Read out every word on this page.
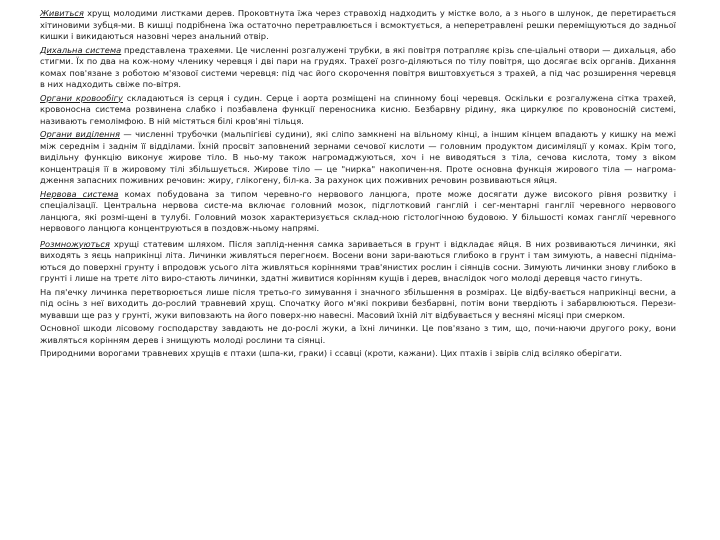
Живиться хрущ молодими листками дерев. Проковтнута їжа через стравохід надходить у містке воло, а з нього в шлунок, де перетирається хітиновими зубця-ми. В кишці подрібнена їжа остаточно перетравлюється і всмоктується, а неперетравлені решки переміщуються до задньої кишки і викидаються назовні через анальний отвір.

Дихальна система представлена трахеями. Це численні розгалужені трубки, в які повітря потрапляє крізь спе-ціальні отвори — дихальця, або стигми. Їх по два на кож-ному членику черевця і дві пари на грудях. Трахеї розго-діляються по тілу повітря, що досягає всіх органів. Дихання комах пов'язане з роботою м'язової системи черевця: під час його скорочення повітря виштовхується з трахей, а під час розширення черевця в них надходить свіже по-вітря.

Органи кровообігу складаються із серця і судин. Серце і аорта розміщені на спинному боці черевця. Оскільки є розгалужена сітка трахей, кровоносна система розвинена слабко і позбавлена функції переносника кисню. Безбарвну рідину, яка циркулює по кровоносній системі, називають гемолімфою. В ній містяться білі кров'яні тільця.

Органи виділення — численні трубочки (мальпігієві судини), які сліпо замкнені на вільному кінці, а іншим кінцем впадають у кишку на межі між середнім і заднім її відділами. Їхній просвіт заповнений зернами сечової кислоти — головним продуктом дисиміляції у комах. Крім того, видільну функцію виконує жирове тіло. В ньо-му також нагромаджуються, хоч і не виводяться з тіла, сечова кислота, тому з віком концентрація її в жировому тілі збільшується. Жирове тіло — це "нирка" накопичен-ня. Проте основна функція жирового тіла — нагрома-дження запасних поживних речовин: жиру, глікогену, біл-ка. За рахунок цих поживних речовин розвиваються яйця.

Нервова система комах побудована за типом черевно-го нервового ланцюга, проте може досягати дуже високого рівня розвитку і спеціалізації. Центральна нервова систе-ма включає головний мозок, підглотковий ганглій і сег-ментарні ганглії черевного нервового ланцюга, які розмі-щені в тулубі. Головний мозок характеризується склад-ною гістологічною будовою. У більшості комах ганглії черевного нервового ланцюга концентруються в поздовж-ньому напрямі.

Розмножуються хрущі статевим шляхом. Після заплід-нення самка зариваеться в грунт і відкладає яйця. В них розвиваються личинки, які виходять з яєць наприкінці літа. Личинки живляться перегноєм. Восени вони зари-ваються глибоко в грунт і там зимують, а навесні підніма-ються до поверхні грунту і впродовж усього літа живляться коріннями трав'янистих рослин і сіянців сосни. Зимують личинки знову глибоко в грунті і лише на третє літо виро-стають личинки, здатні живитися корінням кущів і дерев, внаслідок чого молоді деревця часто гинуть.

На пя'ечку личинка перетворюється лише після третьо-го зимування і значного збільшення в розмірах. Це відбу-вається наприкінці весни, а під осінь з неї виходить до-рослий травневий хрущ. Спочатку його м'які покриви безбарвні, потім вони твердіють і забарвлюються. Перези-мувавши ще раз у грунті, жуки виповзають на його поверх-ню навесні. Масовий їхній літ відбувається у весняні місяці при смерком.

Основної шкоди лісовому господарству завдають не до-рослі жуки, а їхні личинки. Це пов'язано з тим, що, почи-наючи другого року, вони живляться корінням дерев і знищують молоді рослини та сіянці.

Природними ворогами травневих хрущів є птахи (шпа-ки, граки) і ссавці (кроти, кажани). Цих птахів і звірів слід всіляко оберігати.
